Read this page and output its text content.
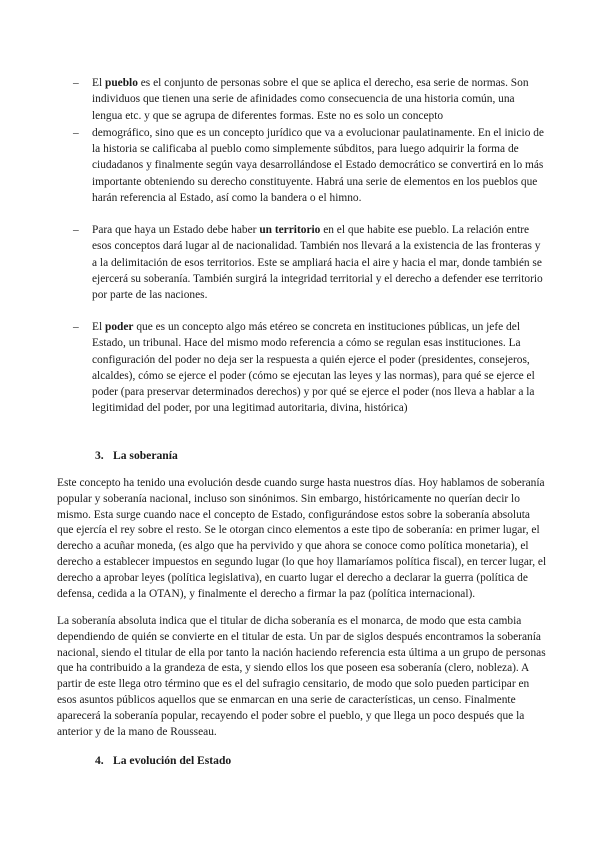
– El pueblo es el conjunto de personas sobre el que se aplica el derecho, esa serie de normas. Son individuos que tienen una serie de afinidades como consecuencia de una historia común, una lengua etc. y que se agrupa de diferentes formas. Este no es solo un concepto

– demográfico, sino que es un concepto jurídico que va a evolucionar paulatinamente. En el inicio de la historia se calificaba al pueblo como simplemente súbditos, para luego adquirir la forma de ciudadanos y finalmente según vaya desarrollándose el Estado democrático se convertirá en lo más importante obteniendo su derecho constituyente. Habrá una serie de elementos en los pueblos que harán referencia al Estado, así como la bandera o el himno.

– Para que haya un Estado debe haber un territorio en el que habite ese pueblo. La relación entre esos conceptos dará lugar al de nacionalidad. También nos llevará a la existencia de las fronteras y a la delimitación de esos territorios. Este se ampliará hacia el aire y hacia el mar, donde también se ejercerá su soberanía. También surgirá la integridad territorial y el derecho a defender ese territorio por parte de las naciones.

– El poder que es un concepto algo más etéreo se concreta en instituciones públicas, un jefe del Estado, un tribunal. Hace del mismo modo referencia a cómo se regulan esas instituciones. La configuración del poder no deja ser la respuesta a quién ejerce el poder (presidentes, consejeros, alcaldes), cómo se ejerce el poder (cómo se ejecutan las leyes y las normas), para qué se ejerce el poder (para preservar determinados derechos) y por qué se ejerce el poder (nos lleva a hablar a la legitimidad del poder, por una legitimad autoritaria, divina, histórica)

3. La soberanía
Este concepto ha tenido una evolución desde cuando surge hasta nuestros días. Hoy hablamos de soberanía popular y soberanía nacional, incluso son sinónimos. Sin embargo, históricamente no querían decir lo mismo. Esta surge cuando nace el concepto de Estado, configurándose estos sobre la soberanía absoluta que ejercía el rey sobre el resto. Se le otorgan cinco elementos a este tipo de soberanía: en primer lugar, el derecho a acuñar moneda, (es algo que ha pervivido y que ahora se conoce como política monetaria), el derecho a establecer impuestos en segundo lugar (lo que hoy llamaríamos política fiscal), en tercer lugar, el derecho a aprobar leyes (política legislativa), en cuarto lugar el derecho a declarar la guerra (política de defensa, cedida a la OTAN), y finalmente el derecho a firmar la paz (política internacional).
La soberanía absoluta indica que el titular de dicha soberanía es el monarca, de modo que esta cambia dependiendo de quién se convierte en el titular de esta. Un par de siglos después encontramos la soberanía nacional, siendo el titular de ella por tanto la nación haciendo referencia esta última a un grupo de personas que ha contribuido a la grandeza de esta, y siendo ellos los que poseen esa soberanía (clero, nobleza). A partir de este llega otro término que es el del sufragio censitario, de modo que solo pueden participar en esos asuntos públicos aquellos que se enmarcan en una serie de características, un censo. Finalmente aparecerá la soberanía popular, recayendo el poder sobre el pueblo, y que llega un poco después que la anterior y de la mano de Rousseau.
4. La evolución del Estado
